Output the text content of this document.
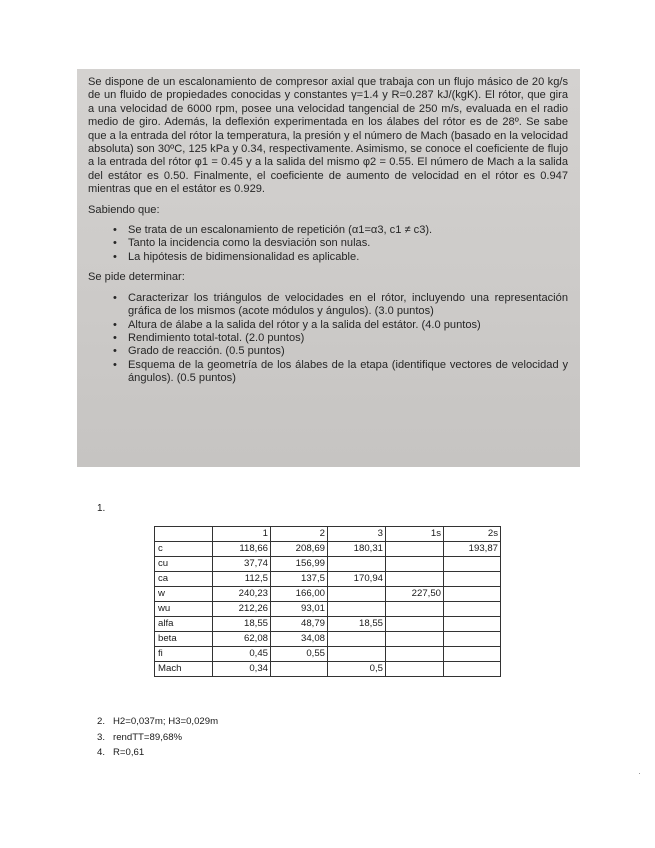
Se dispone de un escalonamiento de compresor axial que trabaja con un flujo másico de 20 kg/s de un fluido de propiedades conocidas y constantes γ=1.4 y R=0.287 kJ/(kgK). El rótor, que gira a una velocidad de 6000 rpm, posee una velocidad tangencial de 250 m/s, evaluada en el radio medio de giro. Además, la deflexión experimentada en los álabes del rótor es de 28º. Se sabe que a la entrada del rótor la temperatura, la presión y el número de Mach (basado en la velocidad absoluta) son 30ºC, 125 kPa y 0.34, respectivamente. Asimismo, se conoce el coeficiente de flujo a la entrada del rótor φ1 = 0.45 y a la salida del mismo φ2 = 0.55. El número de Mach a la salida del estátor es 0.50. Finalmente, el coeficiente de aumento de velocidad en el rótor es 0.947 mientras que en el estátor es 0.929.

Sabiendo que:

• Se trata de un escalonamiento de repetición (α1=α3, c1 ≠ c3).
• Tanto la incidencia como la desviación son nulas.
• La hipótesis de bidimensionalidad es aplicable.

Se pide determinar:

• Caracterizar los triángulos de velocidades en el rótor, incluyendo una representación gráfica de los mismos (acote módulos y ángulos). (3.0 puntos)
• Altura de álabe a la salida del rótor y a la salida del estátor. (4.0 puntos)
• Rendimiento total-total. (2.0 puntos)
• Grado de reacción. (0.5 puntos)
• Esquema de la geometría de los álabes de la etapa (identifique vectores de velocidad y ángulos). (0.5 puntos)
1.
	1	2	3	1s	2s
c	118,66	208,69	180,31		193,87
cu	37,74	156,99			
ca	112,5	137,5	170,94		
w	240,23	166,00		227,50	
wu	212,26	93,01			
alfa	18,55	48,79	18,55		
beta	62,08	34,08			
fi	0,45	0,55			
Mach	0,34		0,5		
2. H2=0,037m; H3=0,029m
3. rendTT=89,68%
4. R=0,61
